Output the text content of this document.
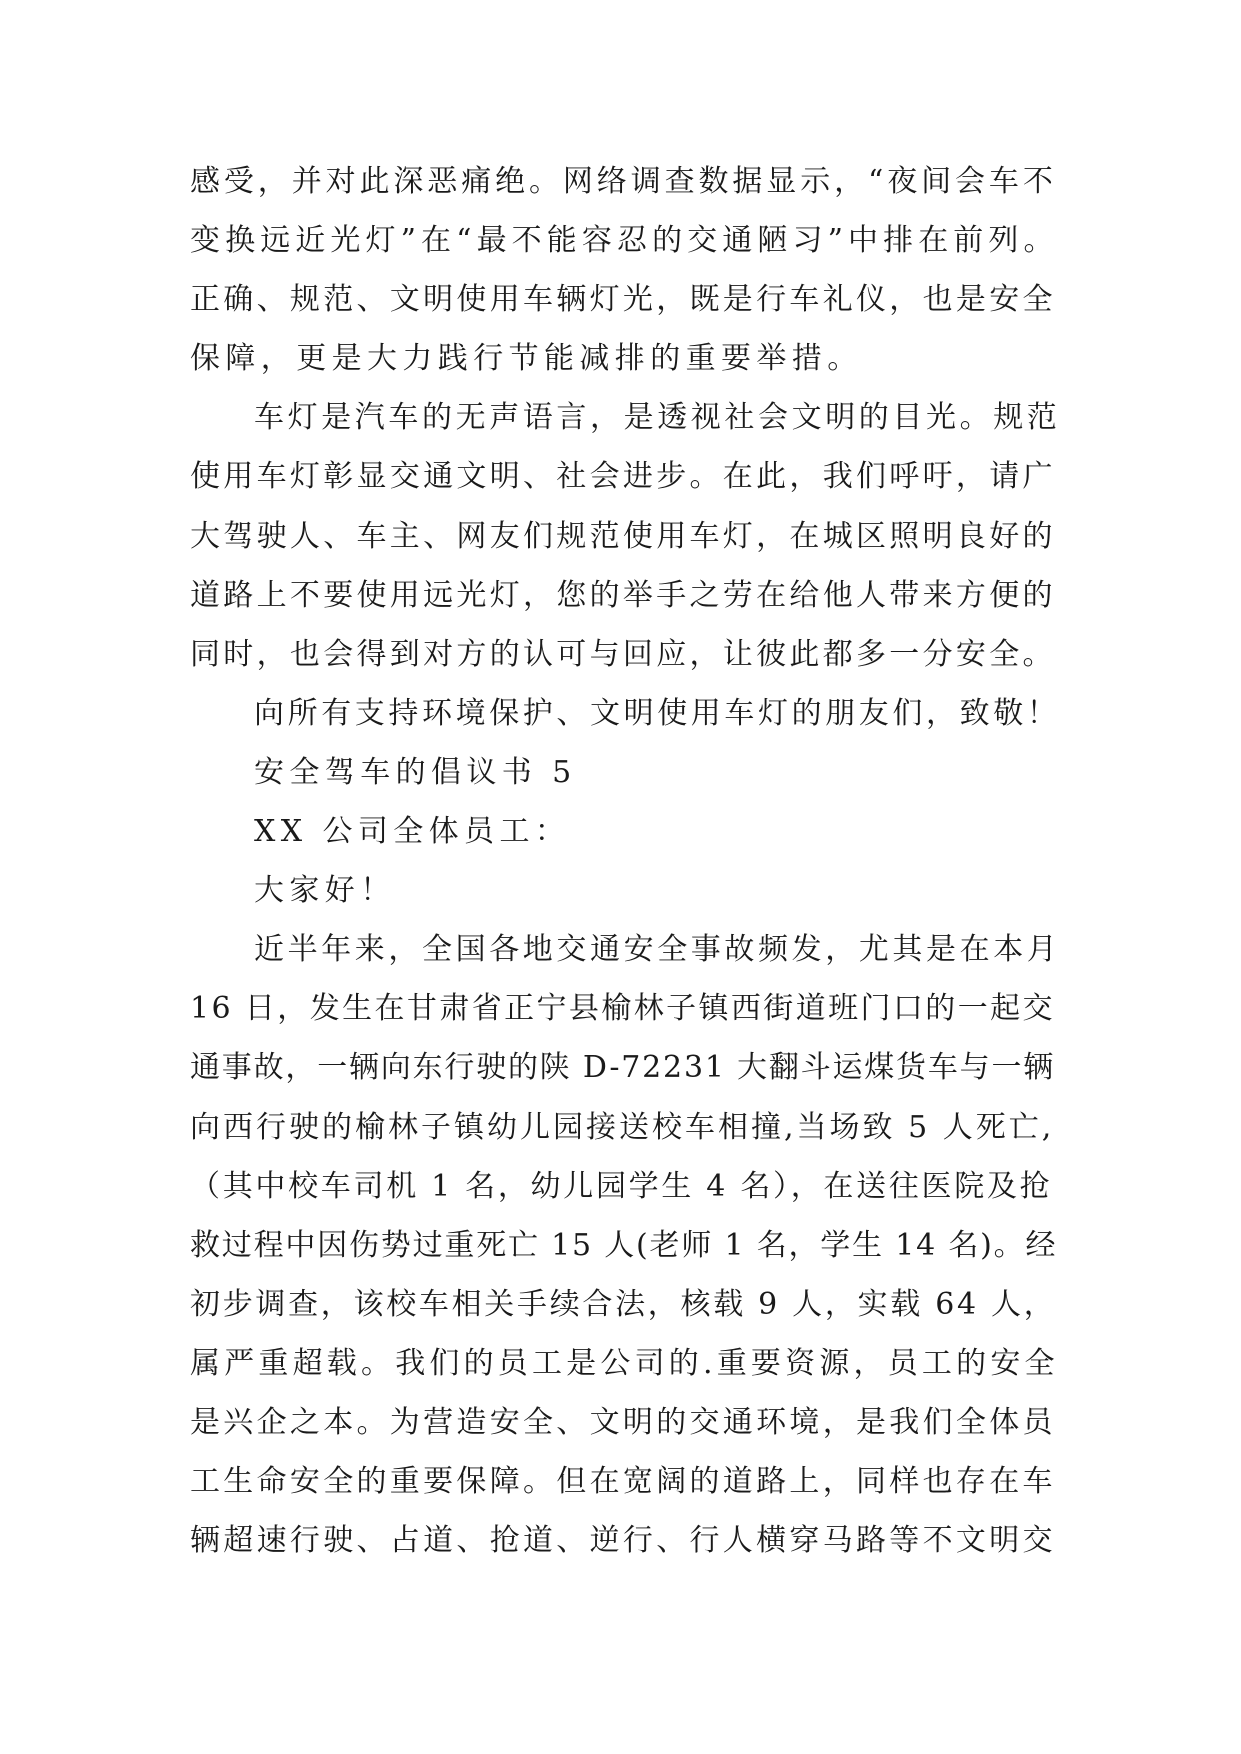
感受，并对此深恶痛绝。网络调查数据显示，“夜间会车不
变换远近光灯”在“最不能容忍的交通陋习”中排在前列。
正确、规范、文明使用车辆灯光，既是行车礼仪，也是安全
保障，更是大力践行节能减排的重要举措。
车灯是汽车的无声语言，是透视社会文明的目光。规范
使用车灯彰显交通文明、社会进步。在此，我们呼吁，请广
大驾驶人、车主、网友们规范使用车灯，在城区照明良好的
道路上不要使用远光灯，您的举手之劳在给他人带来方便的
同时，也会得到对方的认可与回应，让彼此都多一分安全。
向所有支持环境保护、文明使用车灯的朋友们，致敬！
安全驾车的倡议书 5
XX 公司全体员工：
大家好！
近半年来，全国各地交通安全事故频发，尤其是在本月
16 日，发生在甘肃省正宁县榆林子镇西街道班门口的一起交
通事故，一辆向东行驶的陕 D-72231 大翻斗运煤货车与一辆
向西行驶的榆林子镇幼儿园接送校车相撞,当场致 5 人死亡,
（其中校车司机 1 名，幼儿园学生 4 名），在送往医院及抢
救过程中因伤势过重死亡 15 人(老师 1 名，学生 14 名)。经
初步调查，该校车相关手续合法，核载 9 人，实载 64 人，
属严重超载。我们的员工是公司的.重要资源，员工的安全
是兴企之本。为营造安全、文明的交通环境，是我们全体员
工生命安全的重要保障。但在宽阔的道路上，同样也存在车
辆超速行驶、占道、抢道、逆行、行人横穿马路等不文明交
